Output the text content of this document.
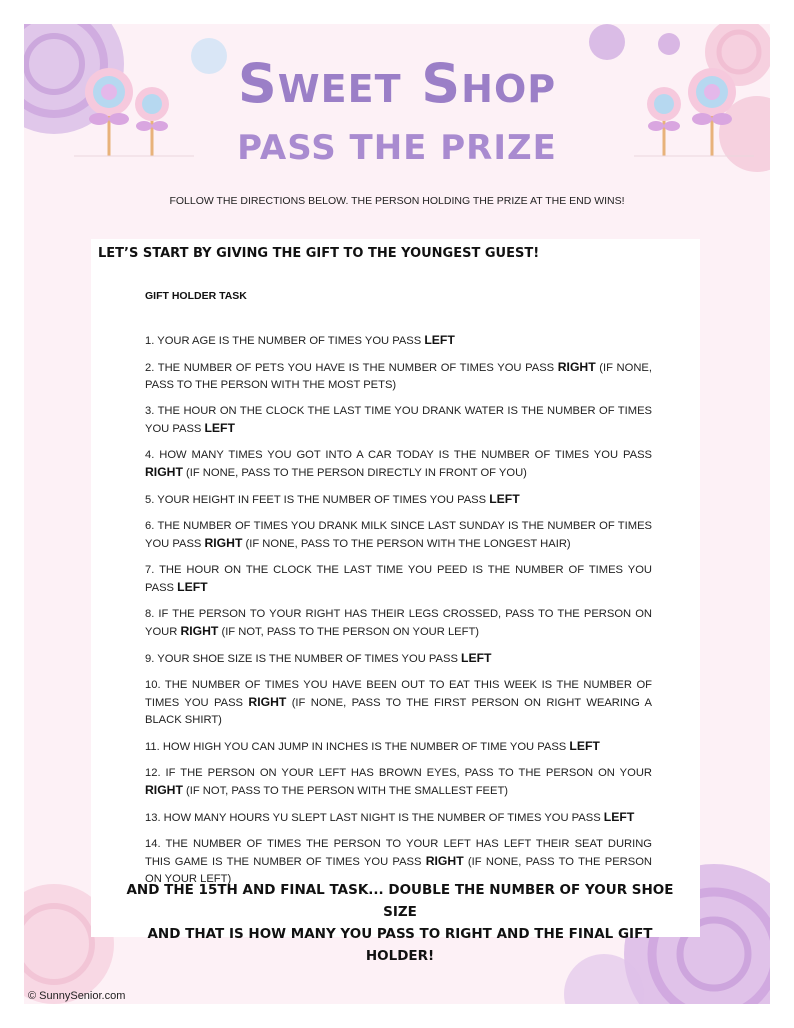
Sweet Shop
PASS THE PRIZE
FOLLOW THE DIRECTIONS BELOW. THE PERSON HOLDING THE PRIZE AT THE END WINS!
LET’S START BY GIVING THE GIFT TO THE YOUNGEST GUEST!
GIFT HOLDER TASK
1. YOUR AGE IS THE NUMBER OF TIMES YOU PASS LEFT
2. THE NUMBER OF PETS YOU HAVE IS THE NUMBER OF TIMES YOU PASS RIGHT (IF NONE, PASS TO THE PERSON WITH THE MOST PETS)
3. THE HOUR ON THE CLOCK THE LAST TIME YOU DRANK WATER IS THE NUMBER OF TIMES YOU PASS LEFT
4. HOW MANY TIMES YOU GOT INTO A CAR TODAY IS THE NUMBER OF TIMES YOU PASS RIGHT (IF NONE, PASS TO THE PERSON DIRECTLY IN FRONT OF YOU)
5. YOUR HEIGHT IN FEET IS THE NUMBER OF TIMES YOU PASS LEFT
6. THE NUMBER OF TIMES YOU DRANK MILK SINCE LAST SUNDAY IS THE NUMBER OF TIMES YOU PASS RIGHT (IF NONE, PASS TO THE PERSON WITH THE LONGEST HAIR)
7. THE HOUR ON THE CLOCK THE LAST TIME YOU PEED IS THE NUMBER OF TIMES YOU PASS LEFT
8. IF THE PERSON TO YOUR RIGHT HAS THEIR LEGS CROSSED, PASS TO THE PERSON ON YOUR RIGHT (IF NOT, PASS TO THE PERSON ON YOUR LEFT)
9. YOUR SHOE SIZE IS THE NUMBER OF TIMES YOU PASS LEFT
10. THE NUMBER OF TIMES YOU HAVE BEEN OUT TO EAT THIS WEEK IS THE NUMBER OF TIMES YOU PASS RIGHT (IF NONE, PASS TO THE FIRST PERSON ON RIGHT WEARING A BLACK SHIRT)
11. HOW HIGH YOU CAN JUMP IN INCHES IS THE NUMBER OF TIME YOU PASS LEFT
12. IF THE PERSON ON YOUR LEFT HAS BROWN EYES, PASS TO THE PERSON ON YOUR RIGHT (IF NOT, PASS TO THE PERSON WITH THE SMALLEST FEET)
13. HOW MANY HOURS YU SLEPT LAST NIGHT IS THE NUMBER OF TIMES YOU PASS LEFT
14. THE NUMBER OF TIMES THE PERSON TO YOUR LEFT HAS LEFT THEIR SEAT DURING THIS GAME IS THE NUMBER OF TIMES YOU PASS RIGHT (IF NONE, PASS TO THE PERSON ON YOUR LEFT)
AND THE 15TH AND FINAL TASK... DOUBLE THE NUMBER OF YOUR SHOE SIZE
AND THAT IS HOW MANY YOU PASS TO RIGHT AND THE FINAL GIFT HOLDER!
© SunnySenior.com
